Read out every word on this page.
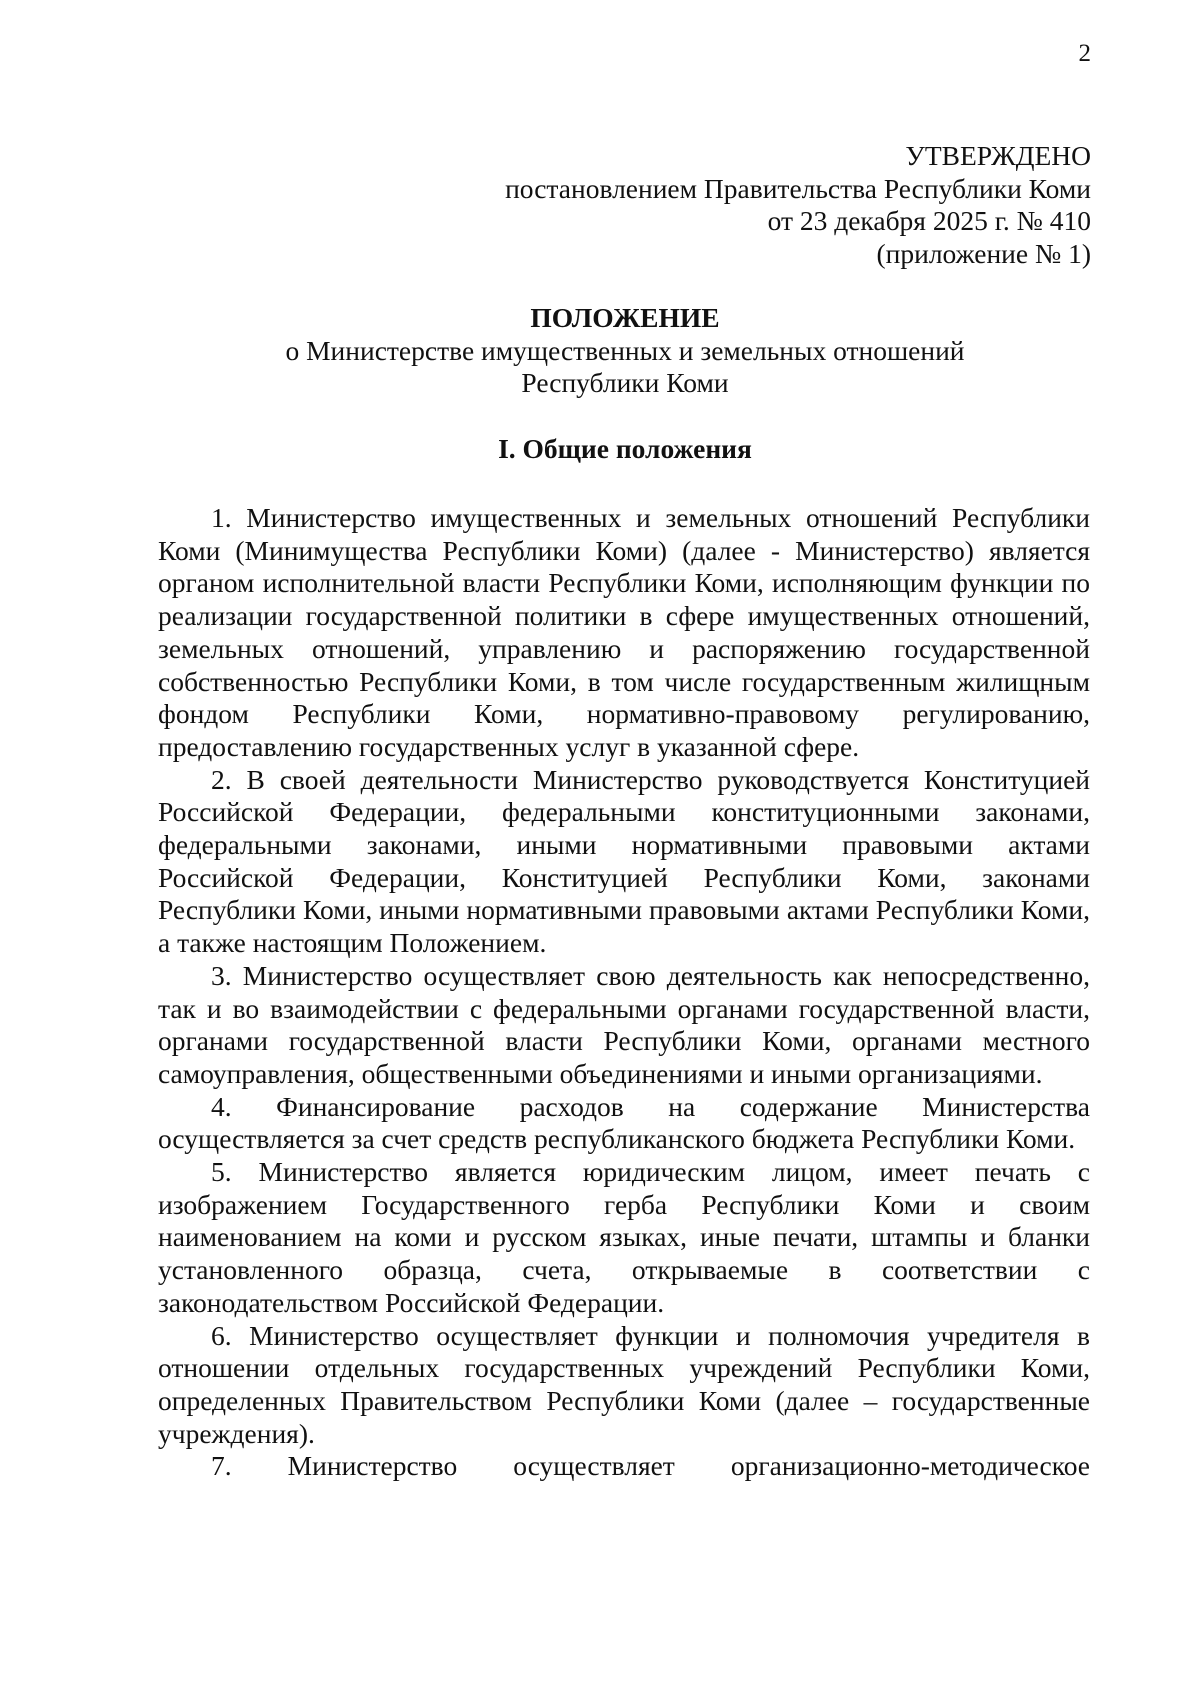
2
УТВЕРЖДЕНО
постановлением Правительства Республики Коми
от 23 декабря 2025 г. № 410
(приложение № 1)
ПОЛОЖЕНИЕ
о Министерстве имущественных и земельных отношений
Республики Коми
I. Общие положения

1. Министерство имущественных и земельных отношений Республики Коми (Минимущества Республики Коми) (далее - Министерство) является органом исполнительной власти Республики Коми, исполняющим функции по реализации государственной политики в сфере имущественных отношений, земельных отношений, управлению и распоряжению государственной собственностью Республики Коми, в том числе государственным жилищным фондом Республики Коми, нормативно-правовому регулированию, предоставлению государственных услуг в указанной сфере.

2. В своей деятельности Министерство руководствуется Конституцией Российской Федерации, федеральными конституционными законами, федеральными законами, иными нормативными правовыми актами Российской Федерации, Конституцией Республики Коми, законами Республики Коми, иными нормативными правовыми актами Республики Коми, а также настоящим Положением.

3. Министерство осуществляет свою деятельность как непосредственно, так и во взаимодействии с федеральными органами государственной власти, органами государственной власти Республики Коми, органами местного самоуправления, общественными объединениями и иными организациями.

4. Финансирование расходов на содержание Министерства осуществляется за счет средств республиканского бюджета Республики Коми.

5. Министерство является юридическим лицом, имеет печать с изображением Государственного герба Республики Коми и своим наименованием на коми и русском языках, иные печати, штампы и бланки установленного образца, счета, открываемые в соответствии с законодательством Российской Федерации.

6. Министерство осуществляет функции и полномочия учредителя в отношении отдельных государственных учреждений Республики Коми, определенных Правительством Республики Коми (далее – государственные учреждения).

7. Министерство осуществляет организационно-методическое
